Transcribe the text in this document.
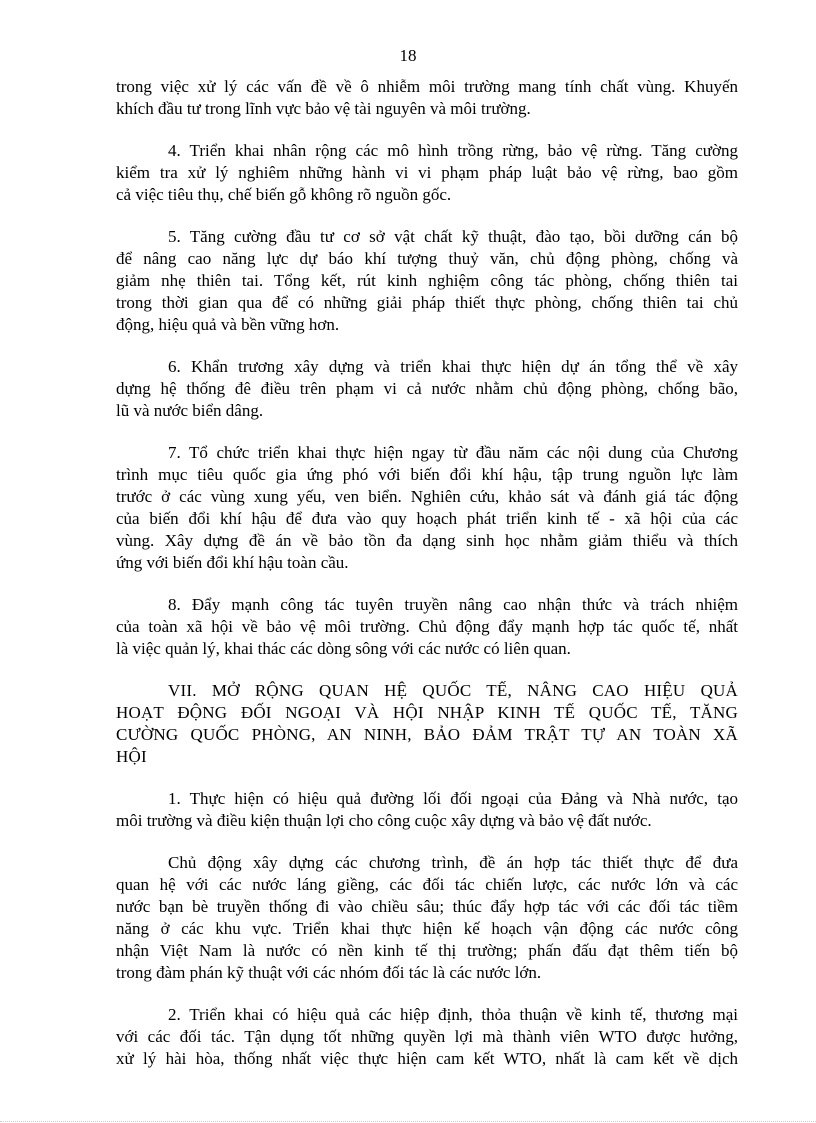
18
trong việc xử lý các vấn đề về ô nhiễm môi trường mang tính chất vùng. Khuyến
khích đầu tư trong lĩnh vực bảo vệ tài nguyên và môi trường.
4. Triển khai nhân rộng các mô hình trồng rừng, bảo vệ rừng. Tăng cường
kiểm tra xử lý nghiêm những hành vi vi phạm pháp luật bảo vệ rừng, bao gồm
cả việc tiêu thụ, chế biến gỗ không rõ nguồn gốc.
5. Tăng cường đầu tư cơ sở vật chất kỹ thuật, đào tạo, bồi dưỡng cán bộ
để nâng cao năng lực dự báo khí tượng thuỷ văn, chủ động phòng, chống và
giảm nhẹ thiên tai. Tổng kết, rút kinh nghiệm công tác phòng, chống thiên tai
trong thời gian qua để có những giải pháp thiết thực phòng, chống thiên tai chủ
động, hiệu quả và bền vững hơn.
6. Khẩn trương xây dựng và triển khai thực hiện dự án tổng thể về xây
dựng hệ thống đê điều trên phạm vi cả nước nhằm chủ động phòng, chống bão,
lũ và nước biển dâng.
7. Tổ chức triển khai thực hiện ngay từ đầu năm các nội dung của Chương
trình mục tiêu quốc gia ứng phó với biến đổi khí hậu, tập trung nguồn lực làm
trước ở các vùng xung yếu, ven biển. Nghiên cứu, khảo sát và đánh giá tác động
của biến đổi khí hậu để đưa vào quy hoạch phát triển kinh tế - xã hội của các
vùng. Xây dựng đề án về bảo tồn đa dạng sinh học nhằm giảm thiểu và thích
ứng với biến đổi khí hậu toàn cầu.
8. Đẩy mạnh công tác tuyên truyền nâng cao nhận thức và trách nhiệm
của toàn xã hội về bảo vệ môi trường. Chủ động đẩy mạnh hợp tác quốc tế, nhất
là việc quản lý, khai thác các dòng sông với các nước có liên quan.
VII. MỞ RỘNG QUAN HỆ QUỐC TẾ, NÂNG CAO HIỆU QUẢ
HOẠT ĐỘNG ĐỐI NGOẠI VÀ HỘI NHẬP KINH TẾ QUỐC TẾ, TĂNG
CƯỜNG QUỐC PHÒNG, AN NINH, BẢO ĐẢM TRẬT TỰ AN TOÀN XÃ
HỘI
1. Thực hiện có hiệu quả đường lối đối ngoại của Đảng và Nhà nước, tạo
môi trường và điều kiện thuận lợi cho công cuộc xây dựng và bảo vệ đất nước.
Chủ động xây dựng các chương trình, đề án hợp tác thiết thực để đưa
quan hệ với các nước láng giềng, các đối tác chiến lược, các nước lớn và các
nước bạn bè truyền thống đi vào chiều sâu; thúc đẩy hợp tác với các đối tác tiềm
năng ở các khu vực. Triển khai thực hiện kế hoạch vận động các nước công
nhận Việt Nam là nước có nền kinh tế thị trường; phấn đấu đạt thêm tiến bộ
trong đàm phán kỹ thuật với các nhóm đối tác là các nước lớn.
2. Triển khai có hiệu quả các hiệp định, thỏa thuận về kinh tế, thương mại
với các đối tác. Tận dụng tốt những quyền lợi mà thành viên WTO được hưởng,
xử lý hài hòa, thống nhất việc thực hiện cam kết WTO, nhất là cam kết về dịch
